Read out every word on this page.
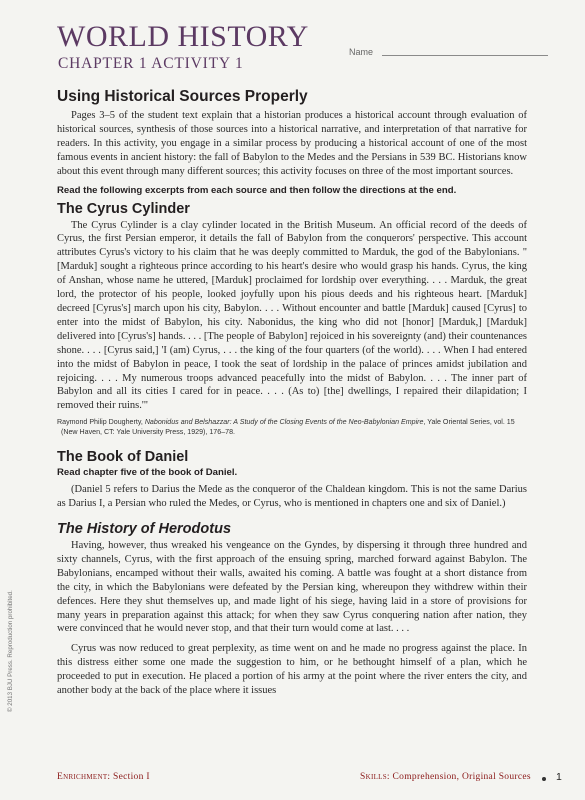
WORLD HISTORY
CHAPTER 1 ACTIVITY 1
Name
Using Historical Sources Properly

Pages 3–5 of the student text explain that a historian produces a historical account through evaluation of historical sources, synthesis of those sources into a historical narrative, and interpretation of that narrative for readers. In this activity, you engage in a similar process by producing a historical account of one of the most famous events in ancient history: the fall of Babylon to the Medes and the Persians in 539 BC. Historians know about this event through many different sources; this activity focuses on three of the most important sources.

Read the following excerpts from each source and then follow the directions at the end.

The Cyrus Cylinder

The Cyrus Cylinder is a clay cylinder located in the British Museum. An official record of the deeds of Cyrus, the first Persian emperor, it details the fall of Babylon from the conquerors' perspective. This account attributes Cyrus's victory to his claim that he was deeply committed to Marduk, the god of the Babylonians. "[Marduk] sought a righteous prince according to his heart's desire who would grasp his hands. Cyrus, the king of Anshan, whose name he uttered, [Marduk] proclaimed for lordship over everything. . . . Marduk, the great lord, the protector of his people, looked joyfully upon his pious deeds and his righteous heart. [Marduk] decreed [Cyrus's] march upon his city, Babylon. . . . Without encounter and battle [Marduk] caused [Cyrus] to enter into the midst of Babylon, his city. Nabonidus, the king who did not [honor] [Marduk,] [Marduk] delivered into [Cyrus's] hands. . . . [The people of Babylon] rejoiced in his sovereignty (and) their countenances shone. . . . [Cyrus said,] 'I (am) Cyrus, . . . the king of the four quarters (of the world). . . . When I had entered into the midst of Babylon in peace, I took the seat of lordship in the palace of princes amidst jubilation and rejoicing. . . . My numerous troops advanced peacefully into the midst of Babylon. . . . The inner part of Babylon and all its cities I cared for in peace. . . . (As to) [the] dwellings, I repaired their dilapidation; I removed their ruins.'"

Raymond Philip Dougherty, Nabonidus and Belshazzar: A Study of the Closing Events of the Neo-Babylonian Empire, Yale Oriental Series, vol. 15 (New Haven, CT: Yale University Press, 1929), 176–78.

The Book of Daniel

Read chapter five of the book of Daniel.

(Daniel 5 refers to Darius the Mede as the conqueror of the Chaldean kingdom. This is not the same Darius as Darius I, a Persian who ruled the Medes, or Cyrus, who is mentioned in chapters one and six of Daniel.)

The History of Herodotus

Having, however, thus wreaked his vengeance on the Gyndes, by dispersing it through three hundred and sixty channels, Cyrus, with the first approach of the ensuing spring, marched forward against Babylon. The Babylonians, encamped without their walls, awaited his coming. A battle was fought at a short distance from the city, in which the Babylonians were defeated by the Persian king, whereupon they withdrew within their defences. Here they shut themselves up, and made light of his siege, having laid in a store of provisions for many years in preparation against this attack; for when they saw Cyrus conquering nation after nation, they were convinced that he would never stop, and that their turn would come at last. . . .

Cyrus was now reduced to great perplexity, as time went on and he made no progress against the place. In this distress either some one made the suggestion to him, or he bethought himself of a plan, which he proceeded to put in execution. He placed a portion of his army at the point where the river enters the city, and another body at the back of the place where it issues

© 2013 BJU Press. Reproduction prohibited.
Enrichment: Section I	Skills: Comprehension, Original Sources 1
